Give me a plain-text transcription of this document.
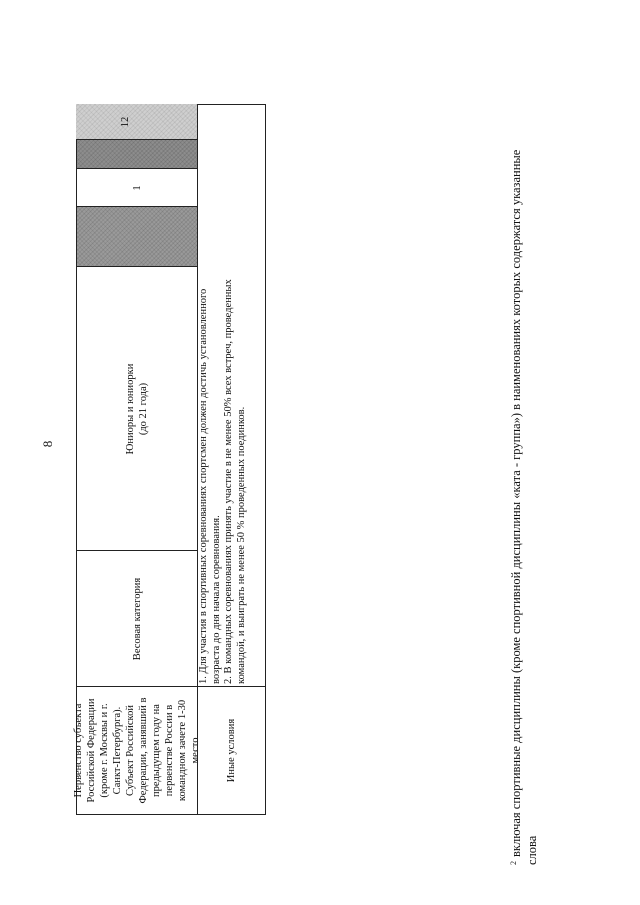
8
Первенство субъекта Российской Федерации (кроме г. Москвы и г. Санкт-Петербурга). Субъект Российской Федерации, занявший в предыдущем году на первенстве России в командном зачете 1-30 место
Весовая категория
Юниоры и юниорки (до 21 года)
1
Иные условия
1. Для участия в спортивных соревнованиях спортсмен должен достичь установленного возраста до дня начала соревнования. 2. В командных соревнованиях принять участие в не менее 50% всех встреч, проведенных командой, и выиграть не менее 50 % проведенных поединков.
12
$^2$включая спортивные дисциплины (кроме спортивной дисциплины «ката - группа») в наименованиях которых содержатся указанные слова
